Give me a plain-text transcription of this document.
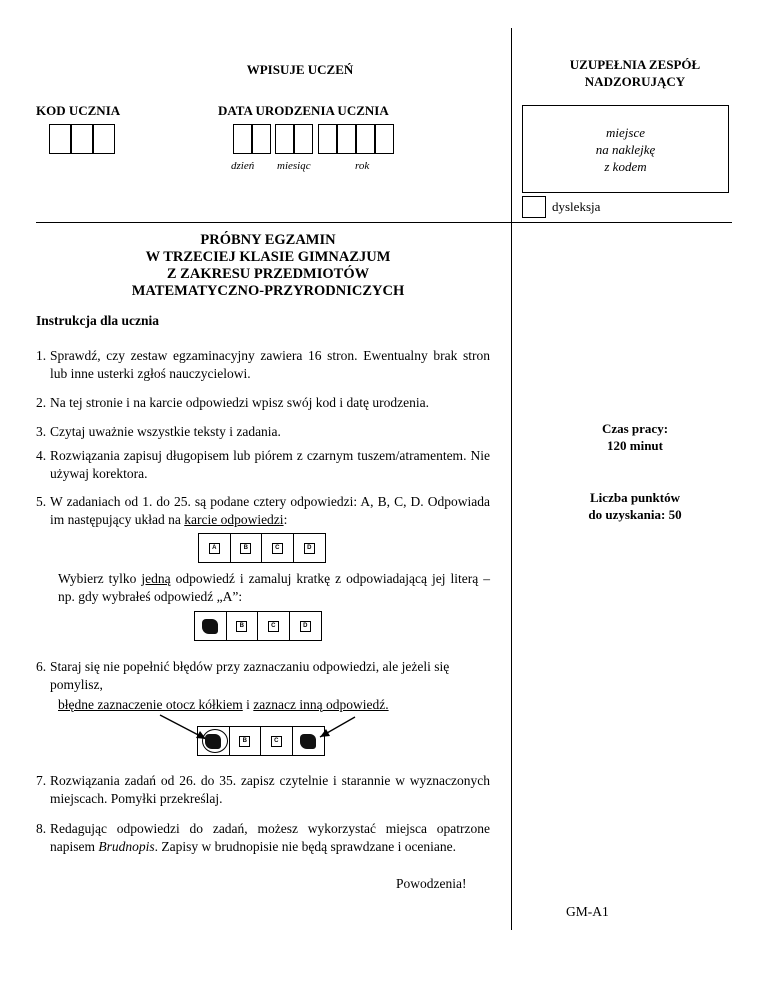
WPISUJE UCZEŃ
KOD UCZNIA	DATA URODZENIA UCZNIA
dzień miesiąc	rok
UZUPEŁNIA ZESPÓŁ
NADZORUJĄCY
miejsce
na naklejkę
z kodem
dysleksja
PRÓBNY EGZAMIN
W TRZECIEJ KLASIE GIMNAZJUM
Z ZAKRESU PRZEDMIOTÓW
MATEMATYCZNO-PRZYRODNICZYCH
Instrukcja dla ucznia
1. Sprawdź, czy zestaw egzaminacyjny zawiera 16 stron. Ewentualny brak stron lub inne usterki zgłoś nauczycielowi.
2. Na tej stronie i na karcie odpowiedzi wpisz swój kod i datę urodzenia.
3. Czytaj uważnie wszystkie teksty i zadania.
4. Rozwiązania zapisuj długopisem lub piórem z czarnym tuszem/atramentem. Nie używaj korektora.
5. W zadaniach od 1. do 25. są podane cztery odpowiedzi: A, B, C, D. Odpowiada im następujący układ na karcie odpowiedzi:
A	B	C	D
Wybierz tylko jedną odpowiedź i zamaluj kratkę z odpowiadającą jej literą – np. gdy wybrałeś odpowiedź „A”:
B	C	D
6. Staraj się nie popełnić błędów przy zaznaczaniu odpowiedzi, ale jeżeli się pomylisz,
błędne zaznaczenie otocz kółkiem i zaznacz inną odpowiedź.
B	C
7. Rozwiązania zadań od 26. do 35. zapisz czytelnie i starannie w wyznaczonych miejscach. Pomyłki przekreślaj.
8. Redagując odpowiedzi do zadań, możesz wykorzystać miejsca opatrzone napisem Brudnopis. Zapisy w brudnopisie nie będą sprawdzane i oceniane.
Powodzenia!
Czas pracy:
120 minut
Liczba punktów
do uzyskania: 50
GM-A1
